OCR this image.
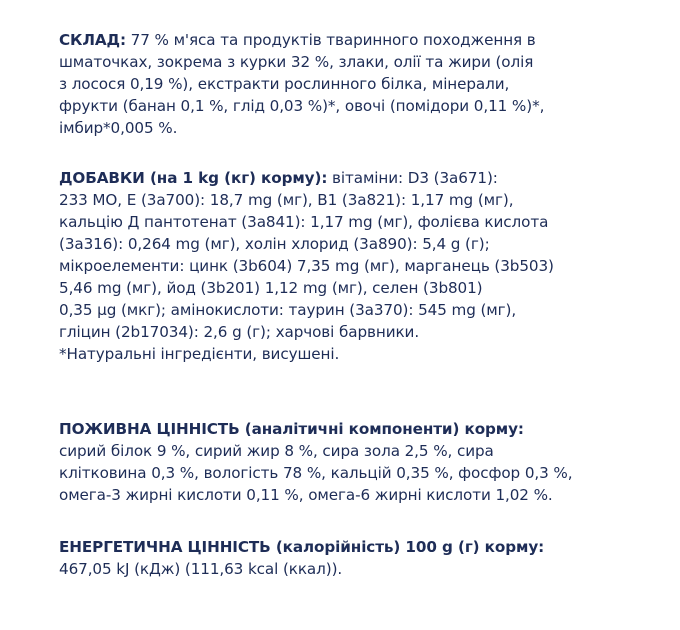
СКЛАД: 77 % м'яса та продуктів тваринного походження в
шматочках, зокрема з курки 32 %, злаки, олії та жири (олія
з лосося 0,19 %), екстракти рослинного білка, мінерали,
фрукти (банан 0,1 %, глід 0,03 %)*, овочі (помідори 0,11 %)*,
імбир*0,005 %.
ДОБАВКИ (на 1 kg (кг) корму): вітаміни: D3 (3a671):
233 МО, E (3a700): 18,7 mg (мг), B1 (3a821): 1,17 mg (мг),
кальцію Д пантотенат (3a841): 1,17 mg (мг), фолієва кислота
(3a316): 0,264 mg (мг), холін хлорид (3a890): 5,4 g (г);
мікроелементи: цинк (3b604) 7,35 mg (мг), марганець (3b503)
5,46 mg (мг), йод (3b201) 1,12 mg (мг), селен (3b801)
0,35 µg (мкг); амінокислоти: таурин (3a370): 545 mg (мг),
гліцин (2b17034): 2,6 g (г); харчові барвники.
*Натуральні інгредієнти, висушені.
ПОЖИВНА ЦІННІСТЬ (аналітичні компоненти) корму:
сирий білок 9 %, сирий жир 8 %, сира зола 2,5 %, сира
клітковина 0,3 %, вологість 78 %, кальцій 0,35 %, фосфор 0,3 %,
омега-3 жирні кислоти 0,11 %, омега-6 жирні кислоти 1,02 %.
ЕНЕРГЕТИЧНА ЦІННІСТЬ (калорійність) 100 g (г) корму:
467,05 kJ (кДж) (111,63 kcal (ккал)).
